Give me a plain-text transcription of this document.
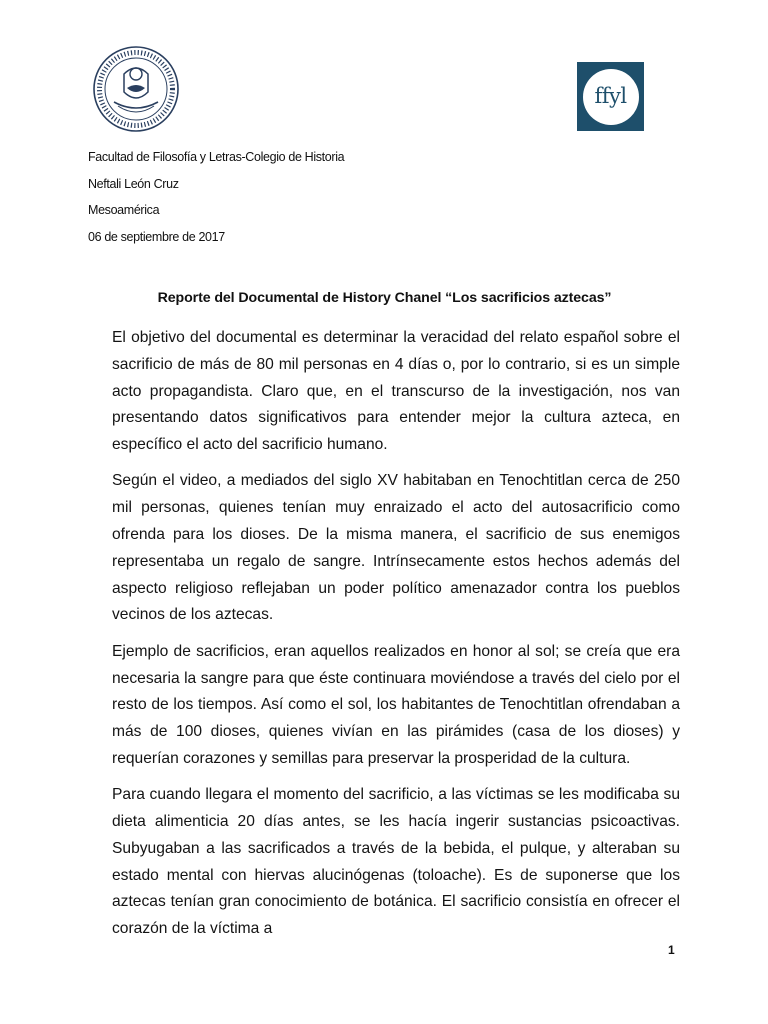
ffyl
Facultad de Filosofía y Letras-Colegio de Historia
Neftali León Cruz
Mesoamérica
06 de septiembre de 2017
Reporte del Documental de History Chanel “Los sacrificios aztecas”

El objetivo del documental es determinar la veracidad del relato español sobre el sacrificio de más de 80 mil personas en 4 días o, por lo contrario, si es un simple acto propagandista. Claro que, en el transcurso de la investigación, nos van presentando datos significativos para entender mejor la cultura azteca, en específico el acto del sacrificio humano.

Según el video, a mediados del siglo XV habitaban en Tenochtitlan cerca de 250 mil personas, quienes tenían muy enraizado el acto del autosacrificio como ofrenda para los dioses. De la misma manera, el sacrificio de sus enemigos representaba un regalo de sangre. Intrínsecamente estos hechos además del aspecto religioso reflejaban un poder político amenazador contra los pueblos vecinos de los aztecas.

Ejemplo de sacrificios, eran aquellos realizados en honor al sol; se creía que era necesaria la sangre para que éste continuara moviéndose a través del cielo por el resto de los tiempos. Así como el sol, los habitantes de Tenochtitlan ofrendaban a más de 100 dioses, quienes vivían en las pirámides (casa de los dioses) y requerían corazones y semillas para preservar la prosperidad de la cultura.

Para cuando llegara el momento del sacrificio, a las víctimas se les modificaba su dieta alimenticia 20 días antes, se les hacía ingerir sustancias psicoactivas. Subyugaban a las sacrificados a través de la bebida, el pulque, y alteraban su estado mental con hiervas alucinógenas (toloache). Es de suponerse que los aztecas tenían gran conocimiento de botánica. El sacrificio consistía en ofrecer el corazón de la víctima a

1
